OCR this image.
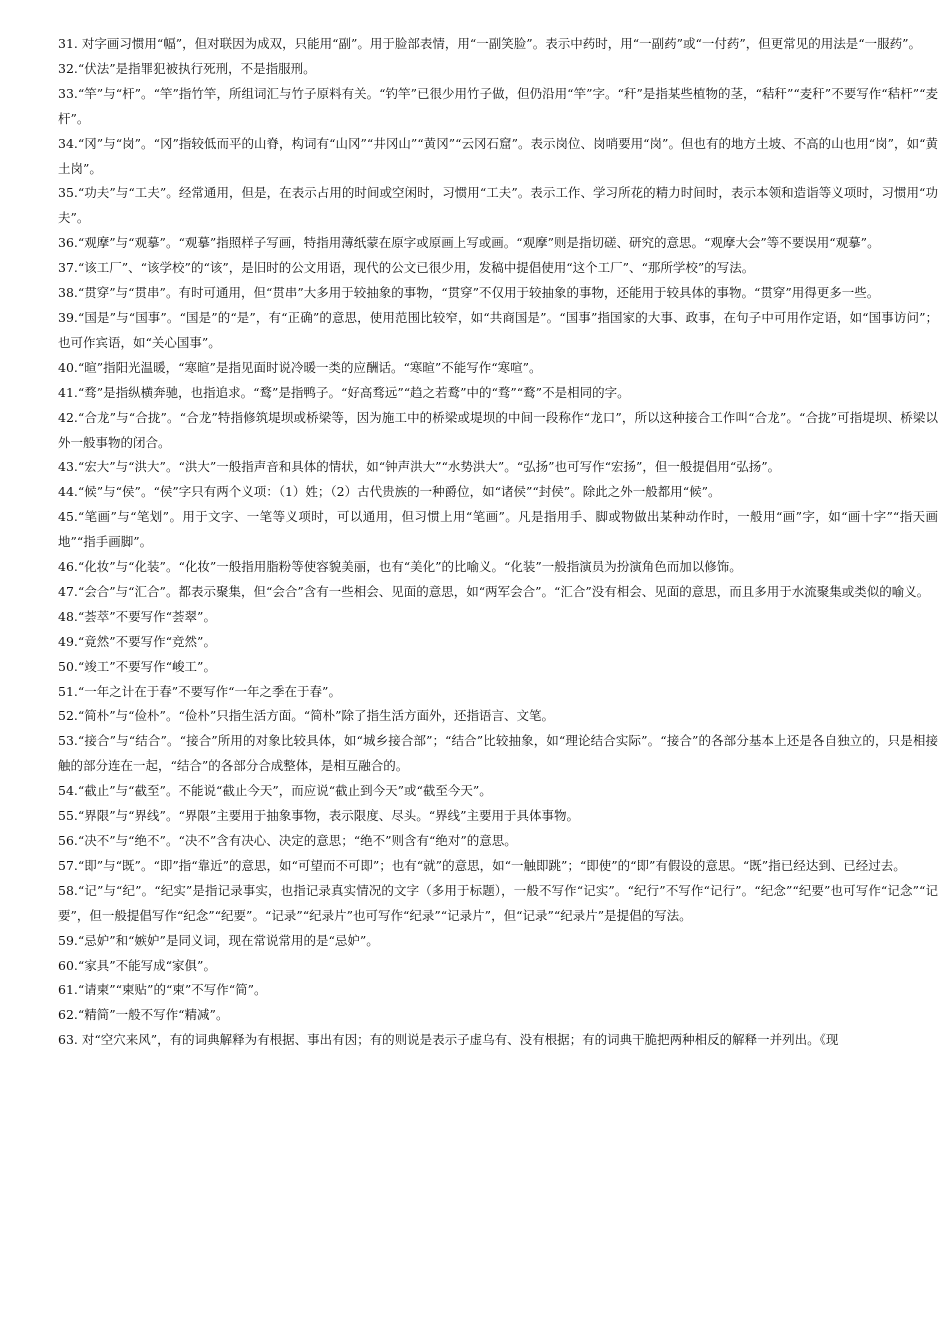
31. 对字画习惯用“幅”，但对联因为成双，只能用“副”。用于脸部表情，用“一副笑脸”。表示中药时，用“一副药”或“一付药”，但更常见的用法是“一服药”。

32.“伏法”是指罪犯被执行死刑，不是指服刑。

33.“竿”与“杆”。“竿”指竹竿，所组词汇与竹子原料有关。“钓竿”已很少用竹子做，但仍沿用“竿”字。“秆”是指某些植物的茎，“秸秆”“麦秆”不要写作“秸杆”“麦杆”。

34.“冈”与“岗”。“冈”指较低而平的山脊，构词有“山冈”“井冈山”“黄冈”“云冈石窟”。表示岗位、岗哨要用“岗”。但也有的地方土坡、不高的山也用“岗”，如“黄土岗”。

35.“功夫”与“工夫”。经常通用，但是，在表示占用的时间或空闲时，习惯用“工夫”。表示工作、学习所花的精力时间时，表示本领和造诣等义项时，习惯用“功夫”。

36.“观摩”与“观摹”。“观摹”指照样子写画，特指用薄纸蒙在原字或原画上写或画。“观摩”则是指切磋、研究的意思。“观摩大会”等不要误用“观摹”。

37.“该工厂”、“该学校”的“该”，是旧时的公文用语，现代的公文已很少用，发稿中提倡使用“这个工厂”、“那所学校”的写法。

38.“贯穿”与“贯串”。有时可通用，但“贯串”大多用于较抽象的事物，“贯穿”不仅用于较抽象的事物，还能用于较具体的事物。“贯穿”用得更多一些。

39.“国是”与“国事”。“国是”的“是”，有“正确”的意思，使用范围比较窄，如“共商国是”。“国事”指国家的大事、政事，在句子中可用作定语，如“国事访问”；也可作宾语，如“关心国事”。

40.“暄”指阳光温暖，“寒暄”是指见面时说冷暖一类的应酬话。“寒暄”不能写作“寒喧”。

41.“骛”是指纵横奔驰，也指追求。“鹜”是指鸭子。“好高骛远”“趋之若鹜”中的“骛”“鹜”不是相同的字。

42.“合龙”与“合拢”。“合龙”特指修筑堤坝或桥梁等，因为施工中的桥梁或堤坝的中间一段称作“龙口”，所以这种接合工作叫“合龙”。“合拢”可指堤坝、桥梁以外一般事物的闭合。

43.“宏大”与“洪大”。“洪大”一般指声音和具体的情状，如“钟声洪大”“水势洪大”。“弘扬”也可写作“宏扬”，但一般提倡用“弘扬”。

44.“候”与“侯”。“侯”字只有两个义项：（1）姓；（2）古代贵族的一种爵位，如“诸侯”“封侯”。除此之外一般都用“候”。

45.“笔画”与“笔划”。用于文字、一笔等义项时，可以通用，但习惯上用“笔画”。凡是指用手、脚或物做出某种动作时，一般用“画”字，如“画十字”“指天画地”“指手画脚”。

46.“化妆”与“化装”。“化妆”一般指用脂粉等使容貌美丽，也有“美化”的比喻义。“化装”一般指演员为扮演角色而加以修饰。

47.“会合”与“汇合”。都表示聚集，但“会合”含有一些相会、见面的意思，如“两军会合”。“汇合”没有相会、见面的意思，而且多用于水流聚集或类似的喻义。

48.“荟萃”不要写作“荟翠”。

49.“竟然”不要写作“竞然”。

50.“竣工”不要写作“峻工”。

51.“一年之计在于春”不要写作“一年之季在于春”。

52.“简朴”与“俭朴”。“俭朴”只指生活方面。“简朴”除了指生活方面外，还指语言、文笔。

53.“接合”与“结合”。“接合”所用的对象比较具体，如“城乡接合部”；“结合”比较抽象，如“理论结合实际”。“接合”的各部分基本上还是各自独立的，只是相接触的部分连在一起，“结合”的各部分合成整体，是相互融合的。

54.“截止”与“截至”。不能说“截止今天”，而应说“截止到今天”或“截至今天”。

55.“界限”与“界线”。“界限”主要用于抽象事物，表示限度、尽头。“界线”主要用于具体事物。

56.“决不”与“绝不”。“决不”含有决心、决定的意思；“绝不”则含有“绝对”的意思。

57.“即”与“既”。“即”指“靠近”的意思，如“可望而不可即”；也有“就”的意思，如“一触即跳”；“即使”的“即”有假设的意思。“既”指已经达到、已经过去。

58.“记”与“纪”。“纪实”是指记录事实，也指记录真实情况的文字（多用于标题），一般不写作“记实”。“纪行”不写作“记行”。“纪念”“纪要”也可写作“记念”“记要”，但一般提倡写作“纪念”“纪要”。“记录”“纪录片”也可写作“纪录”“记录片”，但“记录”“纪录片”是提倡的写法。

59.“忌妒”和“嫉妒”是同义词，现在常说常用的是“忌妒”。

60.“家具”不能写成“家俱”。

61.“请柬”“柬贴”的“柬”不写作“简”。

62.“精简”一般不写作“精减”。

63. 对“空穴来风”，有的词典解释为有根据、事出有因；有的则说是表示子虚乌有、没有根据；有的词典干脆把两种相反的解释一并列出。《现
